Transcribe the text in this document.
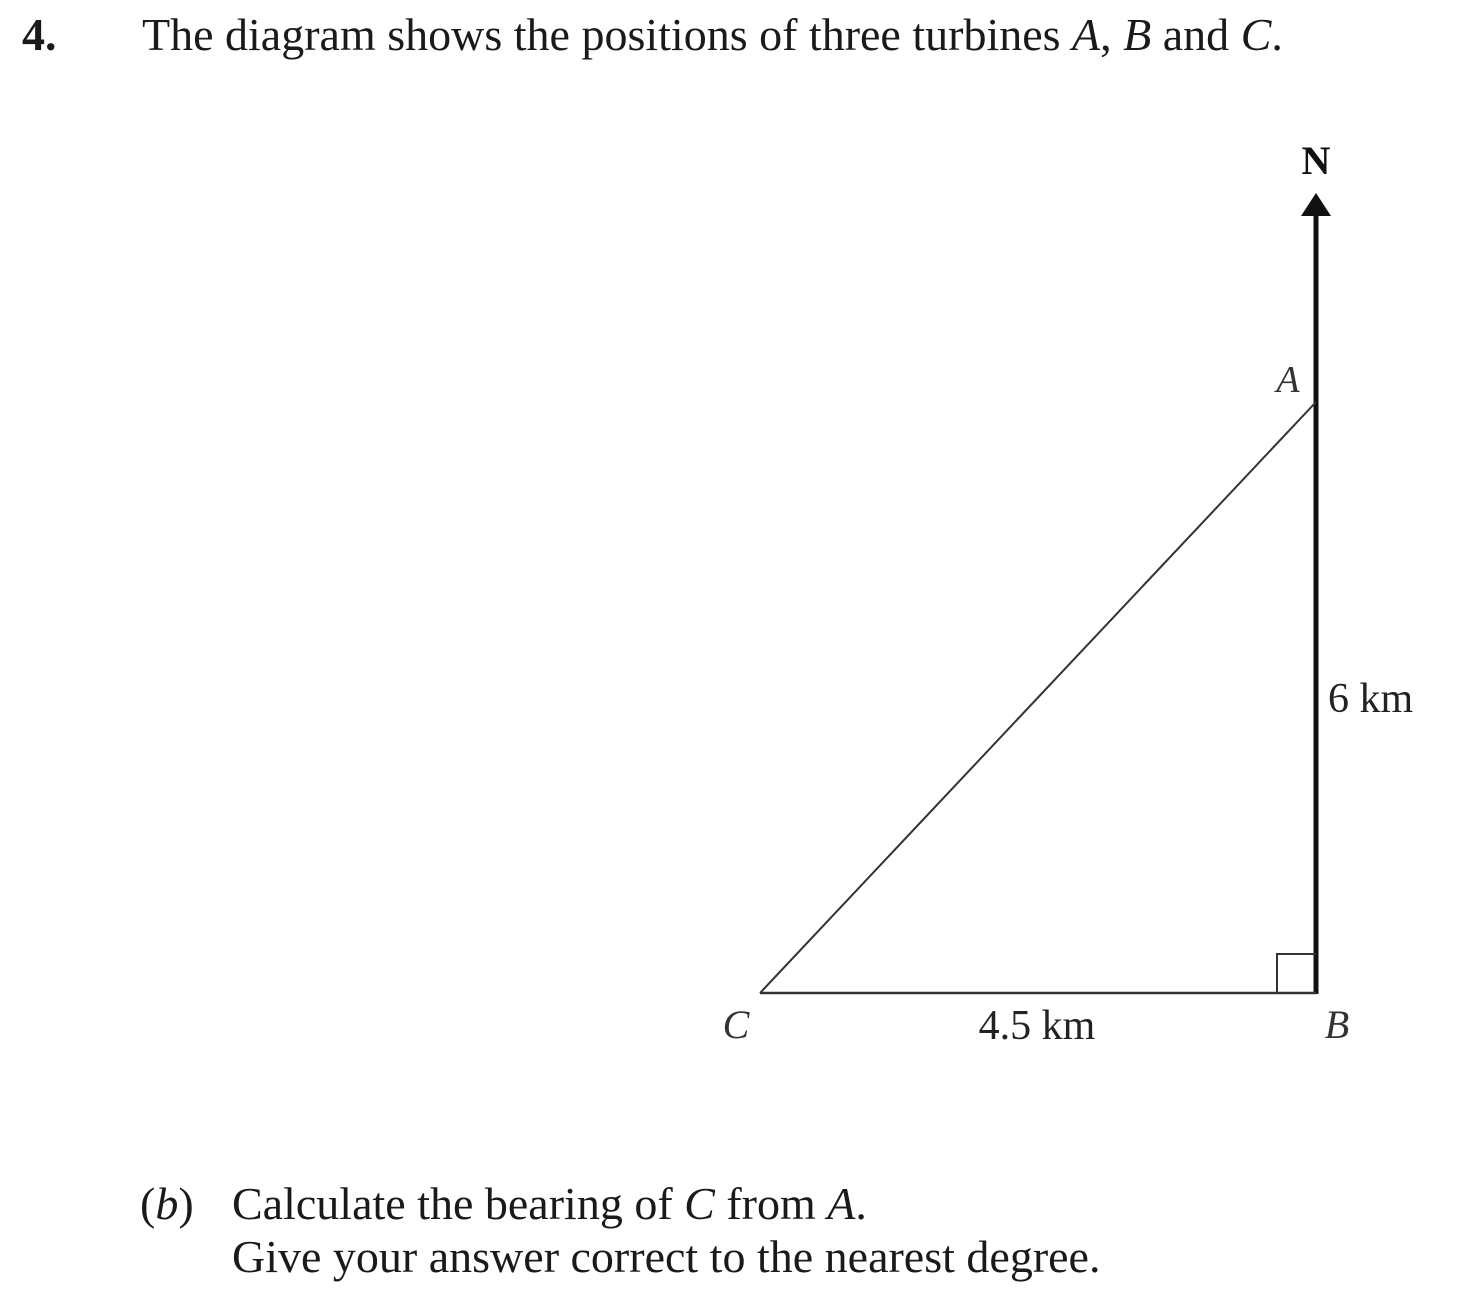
4. The diagram shows the positions of three turbines A, B and C.
N
A
B
C
6 km
4.5 km
(b) Calculate the bearing of C from A.
Give your answer correct to the nearest degree.
